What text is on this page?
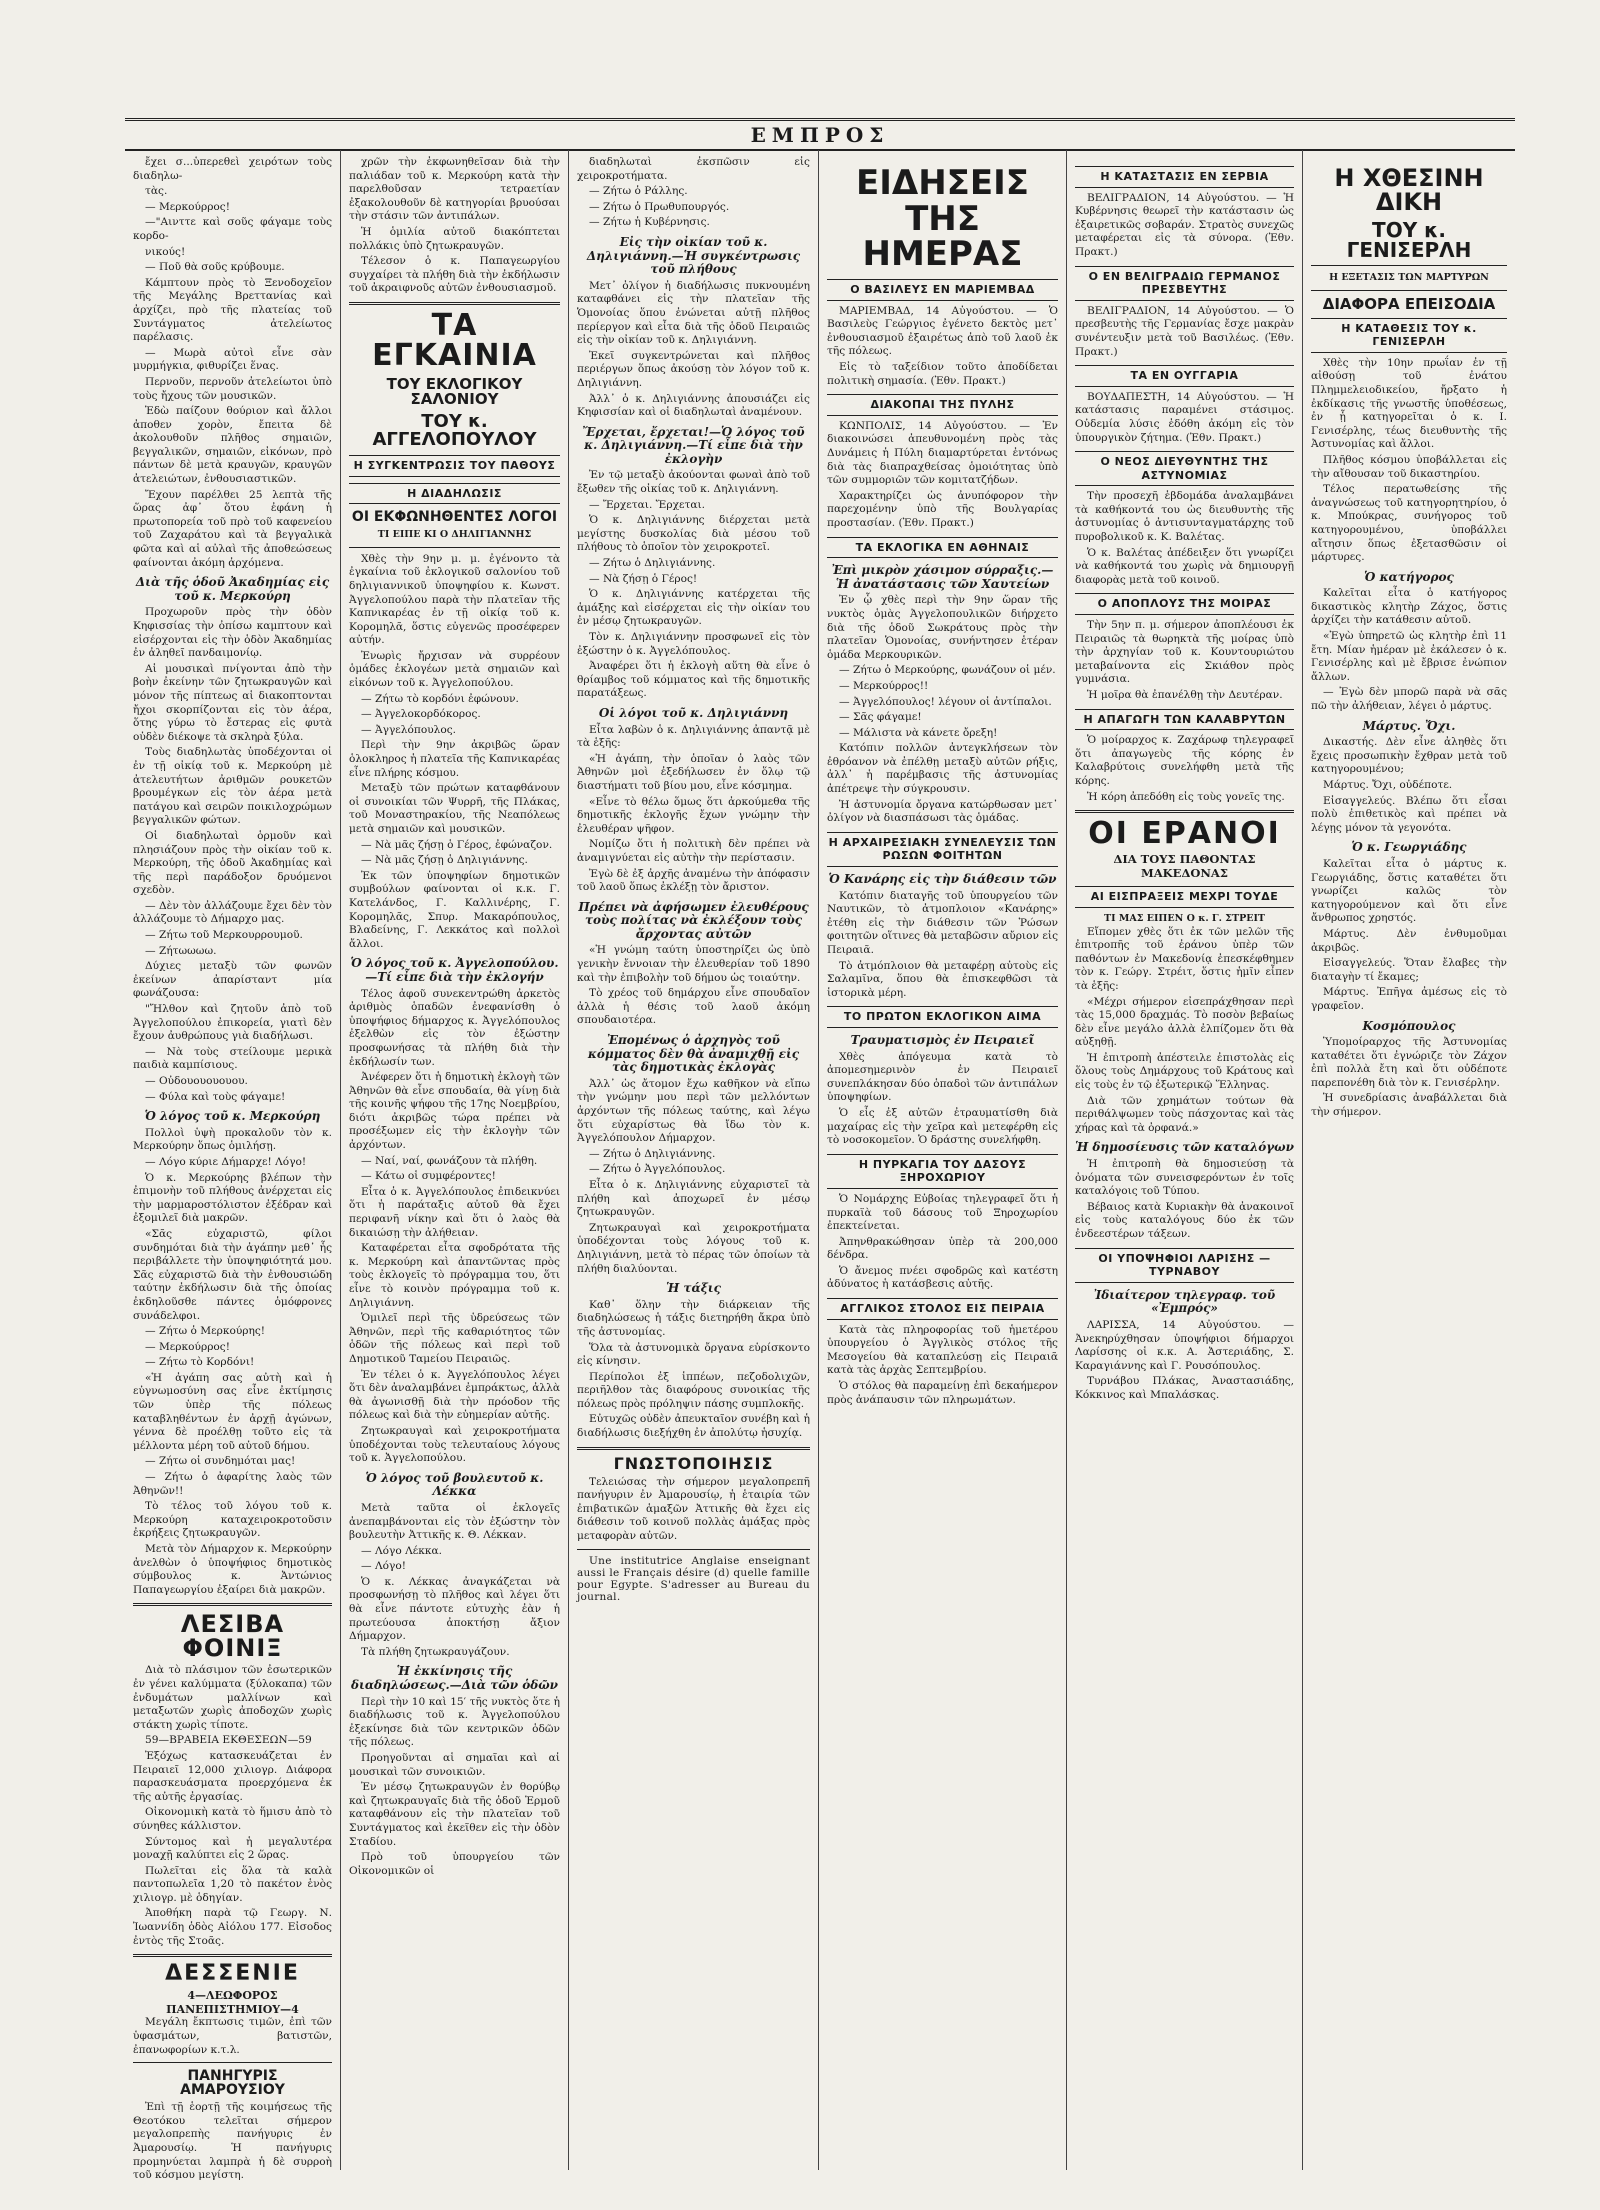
ΕΜΠΡΟΣ

ἔχει σ...ὑπερεθεὶ χειρότων τοὺς διαδηλω-

τὰς.

— Μερκούρρος!

—"Αινττε καὶ σοῦς φάγαμε τοὺς κορδο-

νικούς!

— Ποῦ θὰ σοῦς κρύβουμε.

Κάμπτουν πρὸς τὸ Ξενοδοχεῖον τῆς Μεγάλης Βρεττανίας καὶ ἀρχίζει, πρὸ τῆς πλατείας τοῦ Συντάγματος ἀτελείωτος παρέλασις.

— Μωρὰ αὐτοὶ εἶνε σὰν μυρμήγκια, φιθυρίζει ἕνας.

Περνοῦν, περνοῦν ἀτελείωτοι ὑπὸ τοὺς ἤχους τῶν μουσικῶν.

Ἑδὼ παίζουν θούριον καὶ ἄλλοι ἀποθεν χορὸν, ἔπειτα δὲ ἀκολουθοῦν πλῆθος σημαιῶν, βεγγαλικῶν, σημαιῶν, εἰκόνων, πρὸ πάντων δὲ μετὰ κραυγῶν, κραυγῶν ἀτελειώτων, ἐνθουσιαστικῶν.

Ἔχουν παρέλθει 25 λεπτὰ τῆς ὥρας ἀφ᾽ ὅτου ἐφάνη ἡ πρωτοπορεία τοῦ πρὸ τοῦ καφενείου τοῦ Ζαχαράτου καὶ τὰ βεγγαλικὰ φῶτα καὶ αἱ αὐλαὶ τῆς ἀποθεώσεως φαίνονται ἀκόμη ἀρχόμενα.

Διὰ τῆς ὁδοῦ Ἀκαδημίας εἰς τοῦ κ. Μερκούρη

Προχωροῦν πρὸς τὴν ὁδὸν Κηφισσίας τὴν ὀπίσω καμπτουν καὶ εἰσέρχονται εἰς τὴν ὁδὸν Ἀκαδημίας ἐν ἀληθεῖ πανδαιμονίῳ.

Αἱ μουσικαὶ πνίγονται ἀπὸ τὴν βοὴν ἐκείνην τῶν ζητωκραυγῶν καὶ μόνον τῆς πίπτεως αἱ διακοπτονται ἤχοι σκορπίζονται εἰς τὸν ἀέρα, ὅτης γύρω τὸ ἔστερας εἰς φυτὰ οὐδὲν διέκοψε τὰ σκληρὰ ξύλα.

Τοὺς διαδηλωτὰς ὑποδέχονται οἱ ἐν τῇ οἰκίᾳ τοῦ κ. Μερκούρη μὲ ἀτελευτήτων ἀριθμῶν ρουκετῶν βρουμέγκων εἰς τὸν ἀέρα μετὰ πατάγου καὶ σειρῶν ποικιλοχρώμων βεγγαλικῶν φώτων.

Οἱ διαδηλωταὶ ὁρμοῦν καὶ πλησιάζουν πρὸς τὴν οἰκίαν τοῦ κ. Μερκούρη, τῆς ὁδοῦ Ἀκαδημίας καὶ τῆς περὶ παράδοξον δρυόμενοι σχεδὸν.

— Δὲν τὸν ἀλλάζουμε ἔχει δὲν τὸν ἀλλάζουμε τὸ Δήμαρχο μας.

— Ζήτω τοῦ Μερκουρρουμοῦ.

— Ζήτωωωω.

Δύχιες μεταξὺ τῶν φωνῶν ἐκείνων ἀπαρίσταντ μία φωνάζουσα:

"Ἤλθον καὶ ζητοῦν ἀπὸ τοῦ Ἀγγελοπούλου ἐπικορεία, γιατὶ δὲν ἔχουν ἀυθρώπους γιὰ διαδήλωσι.

— Νὰ τοὺς στείλουμε μερικὰ παιδιὰ καμπίσιους.

— Οὐδουουουουου.

— Φύλα καὶ τοὺς φάγαμε!

Ὁ λόγος τοῦ κ. Μερκούρη

Πολλοὶ ὑψὴ προκαλοῦν τὸν κ. Μερκούρην ὅπως ὁμιλήσῃ.

— Λόγο κύριε Δήμαρχε! Λόγο!

Ὁ κ. Μερκούρης βλέπων τὴν ἐπιμονὴν τοῦ πλήθους ἀνέρχεται εἰς τὴν μαρμαροστόλιστον ἐξέδραν καὶ ἐξομιλεῖ διὰ μακρῶν.

«Σᾶς εὐχαριστῶ, φίλοι συνδημόται διὰ τὴν ἀγάπην μεθ᾽ ἧς περιβάλλετε τὴν ὑποψηφιότητά μου. Σᾶς εὐχαριστῶ διὰ τὴν ἐνθουσιώδη ταύτην ἐκδήλωσιν διὰ τῆς ὁποίας ἐκδηλοῦσθε πάντες ὁμόφρονες συνάδελφοι.

— Ζήτω ὁ Μερκούρης!

— Μερκούρρος!

— Ζήτω τὸ Κορδόνι!

«Ἡ ἀγάπη σας αὐτὴ καὶ ἡ εὐγνωμοσύνη σας εἶνε ἐκτίμησις τῶν ὑπὲρ τῆς πόλεως καταβληθέντων ἐν ἀρχῇ ἀγώνων, γέννα δὲ προέλθῃ τοῦτο εἰς τὰ μέλλοντα μέρη τοῦ αὐτοῦ δήμου.

— Ζήτω οἱ συνδημόται μας!

— Ζήτω ὁ ἀφαρίτης λαὸς τῶν Ἀθηνῶν!!

Τὸ τέλος τοῦ λόγου τοῦ κ. Μερκούρη καταχειροκροτοῦσιν ἐκρήξεις ζητωκραυγῶν.

Μετὰ τὸν Δήμαρχον κ. Μερκούρην ἀνελθὼν ὁ ὑποψήφιος δημοτικὸς σύμβουλος κ. Ἀντώνιος Παπαγεωργίου ἐξαίρει διὰ μακρῶν.

ΛΕΣΙΒΑ ΦΟΙΝΙΞ

Διὰ τὸ πλάσιμον τῶν ἐσωτερικῶν ἐν γένει καλύμματα (ξύλοκαπα) τῶν ἐνδυμάτων μαλλίνων καὶ μεταξωτῶν χωρὶς ἀποδοχῶν χωρὶς στάκτη χωρὶς τίποτε.

59—ΒΡΑΒΕΙΑ ΕΚΘΕΣΕΩΝ—59

Ἐξόχως κατασκευάζεται ἐν Πειραιεῖ 12,000 χιλιογρ. Διάφορα παρασκευάσματα προερχόμενα ἐκ τῆς αὐτῆς ἐργασίας.

Οἰκονομικὴ κατὰ τὸ ἥμισυ ἀπὸ τὸ σύνηθες κάλλιστον.

Σύντομος καὶ ἡ μεγαλυτέρα μοναχῇ καλύπτει εἰς 2 ὥρας.

Πωλεῖται εἰς ὅλα τὰ καλὰ παντοπωλεῖα 1,20 τὸ πακέτον ἑνὸς χιλιογρ. μὲ ὁδηγίαν.

Ἀποθήκη παρὰ τῷ Γεωργ. Ν. Ἰωαννίδη ὁδὸς Αἰόλου 177. Εἰσοδος ἐντὸς τῆς Στοᾶς.

ΔΕΣΣΕΝΙΕ
4—ΛΕΩΦΟΡΟΣ ΠΑΝΕΠΙΣΤΗΜΙΟΥ—4

Μεγάλη ἔκπτωσις τιμῶν, ἐπὶ τῶν ὑφασμάτων, βατιστῶν, ἐπανωφορίων κ.τ.λ.

ΠΑΝΗΓΥΡΙΣ ΑΜΑΡΟΥΣΙΟΥ

Ἐπὶ τῇ ἑορτῇ τῆς κοιμήσεως τῆς Θεοτόκου τελεῖται σήμερον μεγαλοπρεπὴς πανήγυρις ἐν Ἀμαρουσίῳ. Ἡ πανήγυρις προμηνύεται λαμπρὰ ἡ δὲ συρροὴ τοῦ κόσμου μεγίστη.

χρῶν τὴν ἐκφωνηθεῖσαν διὰ τὴν παλιάδαν τοῦ κ. Μερκούρη κατὰ τὴν παρελθοῦσαν τετραετίαν ἐξακολουθοῦν δὲ κατηγορίαι βρυούσαι τὴν στάσιν τῶν ἀντιπάλων.

Ἡ ὁμιλία αὐτοῦ διακόπτεται πολλάκις ὑπὸ ζητωκραυγῶν.

Τέλεσον ὁ κ. Παπαγεωργίου συγχαίρει τὰ πλήθη διὰ τὴν ἐκδήλωσιν τοῦ ἀκραιφνοῦς αὐτῶν ἐνθουσιασμοῦ.

ΤΑ ΕΓΚΑΙΝΙΑ
ΤΟΥ ΕΚΛΟΓΙΚΟΥ ΣΑΛΟΝΙΟΥ
ΤΟΥ κ. ΑΓΓΕΛΟΠΟΥΛΟΥ
Η ΣΥΓΚΕΝΤΡΩΣΙΣ ΤΟΥ ΠΑΘΟΥΣ
Η ΔΙΑΔΗΛΩΣΙΣ
ΟΙ ΕΚΦΩΝΗΘΕΝΤΕΣ ΛΟΓΟΙ
ΤΙ ΕΙΠΕ ΚΙ Ο ΔΗΛΙΓΙΑΝΝΗΣ

Χθὲς τὴν 9ην μ. μ. ἐγένοντο τὰ ἐγκαίνια τοῦ ἐκλογικοῦ σαλονίου τοῦ δηλιγιαννικοῦ ὑποψηφίου κ. Κωνστ. Ἀγγελοπούλου παρὰ τὴν πλατεῖαν τῆς Καπνικαρέας ἐν τῇ οἰκίᾳ τοῦ κ. Κορομηλᾶ, ὅστις εὐγενῶς προσέφερεν αὐτήν.

Ἐνωρὶς ἤρχισαν νὰ συρρέουν ὁμάδες ἐκλογέων μετὰ σημαιῶν καὶ εἰκόνων τοῦ κ. Ἀγγελοπούλου.

— Ζήτω τὸ κορδόνι ἐφώνουν.

— Ἀγγελοκορδόκορος.

— Ἀγγελόπουλος.

Περὶ τὴν 9ην ἀκριβῶς ὥραν ὁλοκληρος ἡ πλατεῖα τῆς Καπνικαρέας εἶνε πλήρης κόσμου.

Μεταξὺ τῶν πρώτων καταφθάνουν οἱ συνοικίαι τῶν Ψυρρῆ, τῆς Πλάκας, τοῦ Μοναστηρακίου, τῆς Νεαπόλεως μετὰ σημαιῶν καὶ μουσικῶν.

— Νὰ μᾶς ζήσῃ ὁ Γέρος, ἐφώναζον.

— Νὰ μᾶς ζήσῃ ὁ Δηλιγιάννης.

Ἐκ τῶν ὑποψηφίων δημοτικῶν συμβούλων φαίνονται οἱ κ.κ. Γ. Κατελάνδος, Γ. Καλλινέρης, Γ. Κορομηλᾶς, Σπυρ. Μακαρόπουλος, Βλαδείνης, Γ. Λεκκάτος καὶ πολλοὶ ἄλλοι.

Ὁ λόγος τοῦ κ. Ἀγγελοπούλου.—Τί εἶπε διὰ τὴν ἐκλογήν

Τέλος ἀφοῦ συνεκεντρώθη ἀρκετὸς ἀριθμὸς ὁπαδῶν ἐνεφανίσθη ὁ ὑποψήφιος δήμαρχος κ. Ἀγγελόπουλος ἐξελθὼν εἰς τὸν ἐξώστην προσφωνήσας τὰ πλήθη διὰ τὴν ἐκδήλωσίν των.

Ἀνέφερεν ὅτι ἡ δημοτικὴ ἐκλογὴ τῶν Ἀθηνῶν θὰ εἶνε σπουδαία, θὰ γίνῃ διὰ τῆς κοινῆς ψήφου τῆς 17ης Νοεμβρίου, διότι ἀκριβῶς τώρα πρέπει νὰ προσέξωμεν εἰς τὴν ἐκλογὴν τῶν ἀρχόντων.

— Ναί, ναί, φωνάζουν τὰ πλήθη.

— Κάτω οἱ συμφέροντες!

Εἶτα ὁ κ. Ἀγγελόπουλος ἐπιδεικνύει ὅτι ἡ παράταξις αὐτοῦ θὰ ἔχει περιφανῆ νίκην καὶ ὅτι ὁ λαὸς θὰ δικαιώσῃ τὴν ἀλήθειαν.

Καταφέρεται εἶτα σφοδρότατα τῆς κ. Μερκούρη καὶ ἀπαντῶντας πρὸς τοὺς ἐκλογεῖς τὸ πρόγραμμα του, ὅτι εἶνε τὸ κοινὸν πρόγραμμα τοῦ κ. Δηλιγιάννη.

Ὁμιλεῖ περὶ τῆς ὑδρεύσεως τῶν Ἀθηνῶν, περὶ τῆς καθαριότητος τῶν ὁδῶν τῆς πόλεως καὶ περὶ τοῦ Δημοτικοῦ Ταμείου Πειραιῶς.

Ἐν τέλει ὁ κ. Ἀγγελόπουλος λέγει ὅτι δὲν ἀναλαμβάνει ἐμπράκτως, ἀλλὰ θὰ ἀγωνισθῇ διὰ τὴν πρόοδον τῆς πόλεως καὶ διὰ τὴν εὐημερίαν αὐτῆς.

Ζητωκραυγαὶ καὶ χειροκροτήματα ὑποδέχονται τοὺς τελευταίους λόγους τοῦ κ. Ἀγγελοπούλου.

Ὁ λόγος τοῦ βουλευτοῦ κ. Λέκκα

Μετὰ ταῦτα οἱ ἐκλογεῖς ἀνεπαμβάνονται εἰς τὸν ἐξώστην τὸν βουλευτὴν Ἀττικῆς κ. Θ. Λέκκαν.

— Λόγο Λέκκα.

— Λόγο!

Ὁ κ. Λέκκας ἀναγκάζεται νὰ προσφωνήσῃ τὸ πλῆθος καὶ λέγει ὅτι θὰ εἶνε πάντοτε εὐτυχὴς ἐὰν ἡ πρωτεύουσα ἀποκτήσῃ ἄξιον Δήμαρχον.

Τὰ πλήθη ζητωκραυγάζουν.

Ἡ ἐκκίνησις τῆς διαδηλώσεως.—Διὰ τῶν ὁδῶν

Περὶ τὴν 10 καὶ 15′ τῆς νυκτὸς ὅτε ἡ διαδήλωσις τοῦ κ. Ἀγγελοπούλου ἐξεκίνησε διὰ τῶν κεντρικῶν ὁδῶν τῆς πόλεως.

Προηγοῦνται αἱ σημαῖαι καὶ αἱ μουσικαὶ τῶν συνοικιῶν.

Ἐν μέσῳ ζητωκραυγῶν ἐν θορύβῳ καὶ ζητωκραυγαῖς διὰ τῆς ὁδοῦ Ἑρμοῦ καταφθάνουν εἰς τὴν πλατεῖαν τοῦ Συντάγματος καὶ ἐκεῖθεν εἰς τὴν ὁδὸν Σταδίου.

Πρὸ τοῦ ὑπουργείου τῶν Οἰκονομικῶν οἱ

διαδηλωταὶ ἐκσπῶσιν εἰς χειροκροτήματα.

— Ζήτω ὁ Ράλλης.

— Ζήτω ὁ Πρωθυπουργός.

— Ζήτω ἡ Κυβέρνησις.

Εἰς τὴν οἰκίαν τοῦ κ. Δηλιγιάννη.—Ἡ συγκέντρωσις τοῦ πλήθους

Μετ᾽ ὀλίγον ἡ διαδήλωσις πυκνουμένη καταφθάνει εἰς τὴν πλατεῖαν τῆς Ὁμονοίας ὅπου ἐνώνεται αὐτῇ πλῆθος περίεργον καὶ εἶτα διὰ τῆς ὁδοῦ Πειραιῶς εἰς τὴν οἰκίαν τοῦ κ. Δηλιγιάννη.

Ἐκεῖ συγκεντρώνεται καὶ πλῆθος περιέργων ὅπως ἀκούσῃ τὸν λόγον τοῦ κ. Δηλιγιάννη.

Ἀλλ᾽ ὁ κ. Δηλιγιάννης ἀπουσιάζει εἰς Κηφισσίαν καὶ οἱ διαδηλωταὶ ἀναμένουν.

Ἔρχεται, ἔρχεται!—Ὁ λόγος τοῦ κ. Δηλιγιάννη.—Τί εἶπε διὰ τὴν ἐκλογὴν

Ἐν τῷ μεταξὺ ἀκούονται φωναὶ ἀπὸ τοῦ ἔξωθεν τῆς οἰκίας τοῦ κ. Δηλιγιάννη.

— Ἔρχεται. Ἔρχεται.

Ὁ κ. Δηλιγιάννης διέρχεται μετὰ μεγίστης δυσκολίας διὰ μέσου τοῦ πλήθους τὸ ὁποῖον τὸν χειροκροτεῖ.

— Ζήτω ὁ Δηλιγιάννης.

— Νὰ ζήσῃ ὁ Γέρος!

Ὁ κ. Δηλιγιάννης κατέρχεται τῆς ἁμάξης καὶ εἰσέρχεται εἰς τὴν οἰκίαν του ἐν μέσῳ ζητωκραυγῶν.

Τὸν κ. Δηλιγιάννην προσφωνεῖ εἰς τὸν ἐξώστην ὁ κ. Ἀγγελόπουλος.

Ἀναφέρει ὅτι ἡ ἐκλογὴ αὕτη θὰ εἶνε ὁ θρίαμβος τοῦ κόμματος καὶ τῆς δημοτικῆς παρατάξεως.

Οἱ λόγοι τοῦ κ. Δηλιγιάννη

Εἶτα λαβὼν ὁ κ. Δηλιγιάννης ἀπαντᾷ μὲ τὰ ἑξῆς:

«Ἡ ἀγάπη, τὴν ὁποῖαν ὁ λαὸς τῶν Ἀθηνῶν μοὶ ἐξεδήλωσεν ἐν ὅλῳ τῷ διαστήματι τοῦ βίου μου, εἶνε κόσμημα.

«Εἶνε τὸ θέλω ὅμως ὅτι ἀρκούμεθα τῆς δημοτικῆς ἐκλογῆς ἔχων γνώμην τὴν ἐλευθέραν ψῆφον.

Νομίζω ὅτι ἡ πολιτικὴ δὲν πρέπει νὰ ἀναμιγνύεται εἰς αὐτὴν τὴν περίστασιν.

Ἐγὼ δὲ ἐξ ἀρχῆς ἀναμένω τὴν ἀπόφασιν τοῦ λαοῦ ὅπως ἐκλέξῃ τὸν ἄριστον.

Πρέπει νὰ ἀφήσωμεν ἐλευθέρους τοὺς πολίτας νὰ ἐκλέξουν τοὺς ἄρχοντας αὐτῶν

«Ἡ γνώμη ταύτη ὑποστηρίζει ὡς ὑπὸ γενικὴν ἔννοιαν τὴν ἐλευθερίαν τοῦ 1890 καὶ τὴν ἐπιβολὴν τοῦ δήμου ὡς τοιαύτην.

Τὸ χρέος τοῦ δημάρχου εἶνε σπουδαῖον ἀλλὰ ἡ θέσις τοῦ λαοῦ ἀκόμη σπουδαιοτέρα.

Ἐπομένως ὁ ἀρχηγὸς τοῦ κόμματος δὲν θὰ ἀναμιχθῇ εἰς τὰς δημοτικὰς ἐκλογὰς

Ἀλλ᾽ ὡς ἄτομον ἔχω καθῆκον νὰ εἴπω τὴν γνώμην μου περὶ τῶν μελλόντων ἀρχόντων τῆς πόλεως ταύτης, καὶ λέγω ὅτι εὐχαρίστως θὰ ἴδω τὸν κ. Ἀγγελόπουλον Δήμαρχον.

— Ζήτω ὁ Δηλιγιάννης.

— Ζήτω ὁ Ἀγγελόπουλος.

Εἶτα ὁ κ. Δηλιγιάννης εὐχαριστεῖ τὰ πλήθη καὶ ἀποχωρεῖ ἐν μέσῳ ζητωκραυγῶν.

Ζητωκραυγαὶ καὶ χειροκροτήματα ὑποδέχονται τοὺς λόγους τοῦ κ. Δηλιγιάννη, μετὰ τὸ πέρας τῶν ὁποίων τὰ πλήθη διαλύονται.

Ἡ τάξις

Καθ᾽ ὅλην τὴν διάρκειαν τῆς διαδηλώσεως ἡ τάξις διετηρήθη ἄκρα ὑπὸ τῆς ἀστυνομίας.

Ὅλα τὰ ἀστυνομικὰ ὄργανα εὑρίσκοντο εἰς κίνησιν.

Περίπολοι ἐξ ἱππέων, πεζοδολιχῶν, περιῆλθον τὰς διαφόρους συνοικίας τῆς πόλεως πρὸς πρόληψιν πάσης συμπλοκῆς.

Εὐτυχῶς οὐδὲν ἀπευκταῖον συνέβη καὶ ἡ διαδήλωσις διεξήχθη ἐν ἀπολύτῳ ἡσυχίᾳ.

ΓΝΩΣΤΟΠΟΙΗΣΙΣ

Τελειώσας τὴν σήμερον μεγαλοπρεπῆ πανήγυριν ἐν Ἀμαρουσίῳ, ἡ ἑταιρία τῶν ἐπιβατικῶν ἁμαξῶν Ἀττικῆς θὰ ἔχει εἰς διάθεσιν τοῦ κοινοῦ πολλὰς ἁμάξας πρὸς μεταφορὰν αὐτῶν.

Une institutrice Anglaise enseignant aussi le Français désire (d) quelle famille pour Egypte. S'adresser au Bureau du journal.

ΕΙΔΗΣΕΙΣ ΤΗΣ ΗΜΕΡΑΣ
Ο ΒΑΣΙΛΕΥΣ ΕΝ ΜΑΡΙΕΜΒΑΔ

ΜΑΡΙΕΜΒΑΔ, 14 Αὐγούστου. — Ὁ Βασιλεὺς Γεώργιος ἐγένετο δεκτὸς μετ᾽ ἐνθουσιασμοῦ ἐξαιρέτως ἀπὸ τοῦ λαοῦ ἐκ τῆς πόλεως.

Εἰς τὸ ταξείδιον τοῦτο ἀποδίδεται πολιτικὴ σημασία. (Ἐθν. Πρακτ.)

ΔΙΑΚΟΠΑΙ ΤΗΣ ΠΥΛΗΣ

ΚΩΝΠΟΛΙΣ, 14 Αὐγούστου. — Ἐν διακοινώσει ἀπευθυνομένη πρὸς τὰς Δυνάμεις ἡ Πύλη διαμαρτύρεται ἐντόνως διὰ τὰς διαπραχθείσας ὁμοιότητας ὑπὸ τῶν συμμοριῶν τῶν κομιτατζήδων.

Χαρακτηρίζει ὡς ἀνυπόφορον τὴν παρεχομένην ὑπὸ τῆς Βουλγαρίας προστασίαν. (Ἐθν. Πρακτ.)

ΤΑ ΕΚΛΟΓΙΚΑ ΕΝ ΑΘΗΝΑΙΣ
Ἐπὶ μικρὸν χάσιμον σύρραξις.—Ἡ ἀνατάστασις τῶν Χαυτείων

Ἐν ᾧ χθὲς περὶ τὴν 9ην ὥραν τῆς νυκτὸς ὁμὰς Ἀγγελοπουλικῶν διήρχετο διὰ τῆς ὁδοῦ Σωκράτους πρὸς τὴν πλατεῖαν Ὁμονοίας, συνήντησεν ἑτέραν ὁμάδα Μερκουρικῶν.

— Ζήτω ὁ Μερκούρης, φωνάζουν οἱ μέν.

— Μερκούρρος!!

— Ἀγγελόπουλος! λέγουν οἱ ἀντίπαλοι.

— Σᾶς φάγαμε!

— Μάλιστα νὰ κάνετε ὄρεξη!

Κατόπιν πολλῶν ἀντεγκλήσεων τὸν ἐθρόανον νὰ ἐπέλθῃ μεταξὺ αὐτῶν ρήξις, ἀλλ᾽ ἡ παρέμβασις τῆς ἀστυνομίας ἀπέτρεψε τὴν σύγκρουσιν.

Ἡ ἀστυνομία ὄργανα κατώρθωσαν μετ᾽ ὀλίγον νὰ διασπάσωσι τὰς ὁμάδας.

Η ΑΡΧΑΙΡΕΣΙΑΚΗ ΣΥΝΕΛΕΥΣΙΣ ΤΩΝ ΡΩΣΩΝ ΦΟΙΤΗΤΩΝ
Ὁ Κανάρης εἰς τὴν διάθεσιν τῶν

Κατόπιν διαταγῆς τοῦ ὑπουργείου τῶν Ναυτικῶν, τὸ ἀτμοπλοιον «Κανάρης» ἐτέθη εἰς τὴν διάθεσιν τῶν Ῥώσων φοιτητῶν οἵτινες θὰ μεταβῶσιν αὔριον εἰς Πειραιᾶ.

Τὸ ἀτμόπλοιον θὰ μεταφέρῃ αὐτοὺς εἰς Σαλαμῖνα, ὅπου θὰ ἐπισκεφθῶσι τὰ ἱστορικὰ μέρη.

ΤΟ ΠΡΩΤΟΝ ΕΚΛΟΓΙΚΟΝ ΑΙΜΑ
Τραυματισμὸς ἐν Πειραιεῖ

Χθὲς ἀπόγευμα κατὰ τὸ ἀπομεσημερινὸν ἐν Πειραιεῖ συνεπλάκησαν δύο ὁπαδοὶ τῶν ἀντιπάλων ὑποψηφίων.

Ὁ εἷς ἐξ αὐτῶν ἐτραυματίσθη διὰ μαχαίρας εἰς τὴν χεῖρα καὶ μετεφέρθη εἰς τὸ νοσοκομεῖον. Ὁ δράστης συνελήφθη.

Η ΠΥΡΚΑΓΙΑ ΤΟΥ ΔΑΣΟΥΣ ΞΗΡΟΧΩΡΙΟΥ

Ὁ Νομάρχης Εὐβοίας τηλεγραφεῖ ὅτι ἡ πυρκαϊὰ τοῦ δάσους τοῦ Ξηροχωρίου ἐπεκτείνεται.

Ἀπηνθρακώθησαν ὑπὲρ τὰ 200,000 δένδρα.

Ὁ ἄνεμος πνέει σφοδρῶς καὶ κατέστη ἀδύνατος ἡ κατάσβεσις αὐτῆς.

ΑΓΓΛΙΚΟΣ ΣΤΟΛΟΣ ΕΙΣ ΠΕΙΡΑΙΑ

Κατὰ τὰς πληροφορίας τοῦ ἡμετέρου ὑπουργείου ὁ Ἀγγλικὸς στόλος τῆς Μεσογείου θὰ καταπλεύσῃ εἰς Πειραιᾶ κατὰ τὰς ἀρχὰς Σεπτεμβρίου.

Ὁ στόλος θὰ παραμείνῃ ἐπὶ δεκαήμερον πρὸς ἀνάπαυσιν τῶν πληρωμάτων.

Η ΚΑΤΑΣΤΑΣΙΣ ΕΝ ΣΕΡΒΙΑ

ΒΕΛΙΓΡΑΔΙΟΝ, 14 Αὐγούστου. — Ἡ Κυβέρνησις θεωρεῖ τὴν κατάστασιν ὡς ἐξαιρετικῶς σοβαράν. Στρατὸς συνεχῶς μεταφέρεται εἰς τὰ σύνορα. (Ἐθν. Πρακτ.)

Ο ΕΝ ΒΕΛΙΓΡΑΔΙΩ ΓΕΡΜΑΝΟΣ ΠΡΕΣΒΕΥΤΗΣ

ΒΕΛΙΓΡΑΔΙΟΝ, 14 Αὐγούστου. — Ὁ πρεσβευτὴς τῆς Γερμανίας ἔσχε μακρὰν συνέντευξιν μετὰ τοῦ Βασιλέως. (Ἐθν. Πρακτ.)

ΤΑ ΕΝ ΟΥΓΓΑΡΙΑ

ΒΟΥΔΑΠΕΣΤΗ, 14 Αὐγούστου. — Ἡ κατάστασις παραμένει στάσιμος. Οὐδεμία λύσις ἐδόθη ἀκόμη εἰς τὸν ὑπουργικὸν ζήτημα. (Ἐθν. Πρακτ.)

Ο ΝΕΟΣ ΔΙΕΥΘΥΝΤΗΣ ΤΗΣ ΑΣΤΥΝΟΜΙΑΣ

Τὴν προσεχῆ ἑβδομάδα ἀναλαμβάνει τὰ καθήκοντά του ὡς διευθυντὴς τῆς ἀστυνομίας ὁ ἀντισυνταγματάρχης τοῦ πυροβολικοῦ κ. Κ. Βαλέτας.

Ὁ κ. Βαλέτας ἀπέδειξεν ὅτι γνωρίζει νὰ καθήκοντά του χωρὶς νὰ δημιουργῇ διαφορὰς μετὰ τοῦ κοινοῦ.

Ο ΑΠΟΠΛΟΥΣ ΤΗΣ ΜΟΙΡΑΣ

Τὴν 5ην π. μ. σήμερον ἀποπλέουσι ἐκ Πειραιῶς τὰ θωρηκτὰ τῆς μοίρας ὑπὸ τὴν ἀρχηγίαν τοῦ κ. Κουντουριώτου μεταβαίνοντα εἰς Σκιάθον πρὸς γυμνάσια.

Ἡ μοῖρα θὰ ἐπανέλθῃ τὴν Δευτέραν.

Η ΑΠΑΓΩΓΗ ΤΩΝ ΚΑΛΑΒΡΥΤΩΝ

Ὁ μοίραρχος κ. Ζαχάρωφ τηλεγραφεῖ ὅτι ἀπαγωγεὺς τῆς κόρης ἐν Καλαβρύτοις συνελήφθη μετὰ τῆς κόρης.

Ἡ κόρη ἀπεδόθη εἰς τοὺς γονεῖς της.

ΟΙ ΕΡΑΝΟΙ
ΔΙΑ ΤΟΥΣ ΠΑΘΟΝΤΑΣ ΜΑΚΕΔΟΝΑΣ
ΑΙ ΕΙΣΠΡΑΞΕΙΣ ΜΕΧΡΙ ΤΟΥΔΕ
ΤΙ ΜΑΣ ΕΙΠΕΝ Ο κ. Γ. ΣΤΡΕΙΤ

Εἴπομεν χθὲς ὅτι ἐκ τῶν μελῶν τῆς ἐπιτροπῆς τοῦ ἐράνου ὑπὲρ τῶν παθόντων ἐν Μακεδονίᾳ ἐπεσκέφθημεν τὸν κ. Γεώργ. Στρέιτ, ὅστις ἡμῖν εἶπεν τὰ ἑξῆς:

«Μέχρι σήμερον εἰσεπράχθησαν περὶ τὰς 15,000 δραχμάς. Τὸ ποσὸν βεβαίως δὲν εἶνε μεγάλο ἀλλὰ ἐλπίζομεν ὅτι θὰ αὐξηθῇ.

Ἡ ἐπιτροπὴ ἀπέστειλε ἐπιστολὰς εἰς ὅλους τοὺς Δημάρχους τοῦ Κράτους καὶ εἰς τοὺς ἐν τῷ ἐξωτερικῷ Ἕλληνας.

Διὰ τῶν χρημάτων τούτων θὰ περιθάλψωμεν τοὺς πάσχοντας καὶ τὰς χήρας καὶ τὰ ὀρφανά.»

Ἡ δημοσίευσις τῶν καταλόγων

Ἡ ἐπιτροπὴ θὰ δημοσιεύσῃ τὰ ὀνόματα τῶν συνεισφερόντων ἐν τοῖς καταλόγοις τοῦ Τύπου.

Βέβαιος κατὰ Κυριακὴν θὰ ἀνακοινοῖ εἰς τοὺς καταλόγους δύο ἐκ τῶν ἐνδεεστέρων τάξεων.

ΟΙ ΥΠΟΨΗΦΙΟΙ ΛΑΡΙΣΗΣ — ΤΥΡΝΑΒΟΥ
Ἰδιαίτερον τηλεγραφ. τοῦ «Ἐμπρός»

ΛΑΡΙΣΣΑ, 14 Αὐγούστου. — Ἀνεκηρύχθησαν ὑποψήφιοι δήμαρχοι Λαρίσσης οἱ κ.κ. Α. Ἀστεριάδης, Σ. Καραγιάννης καὶ Γ. Ρουσόπουλος.

Τυρνάβου Πλάκας, Ἀναστασιάδης, Κόκκινος καὶ Μπαλάσκας.

Η ΧΘΕΣΙΝΗ ΔΙΚΗ
ΤΟΥ κ. ΓΕΝΙΣΕΡΛΗ
Η ΕΞΕΤΑΣΙΣ ΤΩΝ ΜΑΡΤΥΡΩΝ
ΔΙΑΦΟΡΑ ΕΠΕΙΣΟΔΙΑ
Η ΚΑΤΑΘΕΣΙΣ ΤΟΥ κ. ΓΕΝΙΣΕΡΛΗ

Χθὲς τὴν 10ην πρωΐαν ἐν τῇ αἰθούσῃ τοῦ ἐνάτου Πλημμελειοδικείου, ἤρξατο ἡ ἐκδίκασις τῆς γνωστῆς ὑποθέσεως, ἐν ᾗ κατηγορεῖται ὁ κ. Ι. Γενισέρλης, τέως διευθυντὴς τῆς Ἀστυνομίας καὶ ἄλλοι.

Πλῆθος κόσμου ὑποβάλλεται εἰς τὴν αἴθουσαν τοῦ δικαστηρίου.

Τέλος περατωθείσης τῆς ἀναγνώσεως τοῦ κατηγορητηρίου, ὁ κ. Μπούκρας, συνήγορος τοῦ κατηγορουμένου, ὑποβάλλει αἴτησιν ὅπως ἐξετασθῶσιν οἱ μάρτυρες.

Ὁ κατήγορος

Καλεῖται εἶτα ὁ κατήγορος δικαστικὸς κλητὴρ Ζάχος, ὅστις ἀρχίζει τὴν κατάθεσιν αὐτοῦ.

«Ἐγὼ ὑπηρετῶ ὡς κλητὴρ ἐπὶ 11 ἔτη. Μίαν ἡμέραν μὲ ἐκάλεσεν ὁ κ. Γενισέρλης καὶ μὲ ἔβρισε ἐνώπιον ἄλλων.

— Ἐγὼ δὲν μπορῶ παρὰ νὰ σᾶς πῶ τὴν ἀλήθειαν, λέγει ὁ μάρτυς.

Μάρτυς. Ὄχι.

Δικαστής. Δὲν εἶνε ἀληθὲς ὅτι ἔχεις προσωπικὴν ἔχθραν μετὰ τοῦ κατηγορουμένου;

Μάρτυς. Ὄχι, οὐδέποτε.

Εἰσαγγελεύς. Βλέπω ὅτι εἶσαι πολὺ ἐπιθετικὸς καὶ πρέπει νὰ λέγῃς μόνον τὰ γεγονότα.

Ὁ κ. Γεωργιάδης

Καλεῖται εἶτα ὁ μάρτυς κ. Γεωργιάδης, ὅστις καταθέτει ὅτι γνωρίζει καλῶς τὸν κατηγορούμενον καὶ ὅτι εἶνε ἄνθρωπος χρηστός.

Μάρτυς. Δὲν ἐνθυμοῦμαι ἀκριβῶς.

Εἰσαγγελεύς. Ὅταν ἔλαβες τὴν διαταγὴν τί ἔκαμες;

Μάρτυς. Ἐπῆγα ἀμέσως εἰς τὸ γραφεῖον.

Κοσμόπουλος

Ὑπομοίραρχος τῆς Ἀστυνομίας καταθέτει ὅτι ἐγνώριζε τὸν Ζάχον ἐπὶ πολλὰ ἔτη καὶ ὅτι οὐδέποτε παρεπονέθη διὰ τὸν κ. Γενισέρλην.

Ἡ συνεδρίασις ἀναβάλλεται διὰ τὴν σήμερον.
